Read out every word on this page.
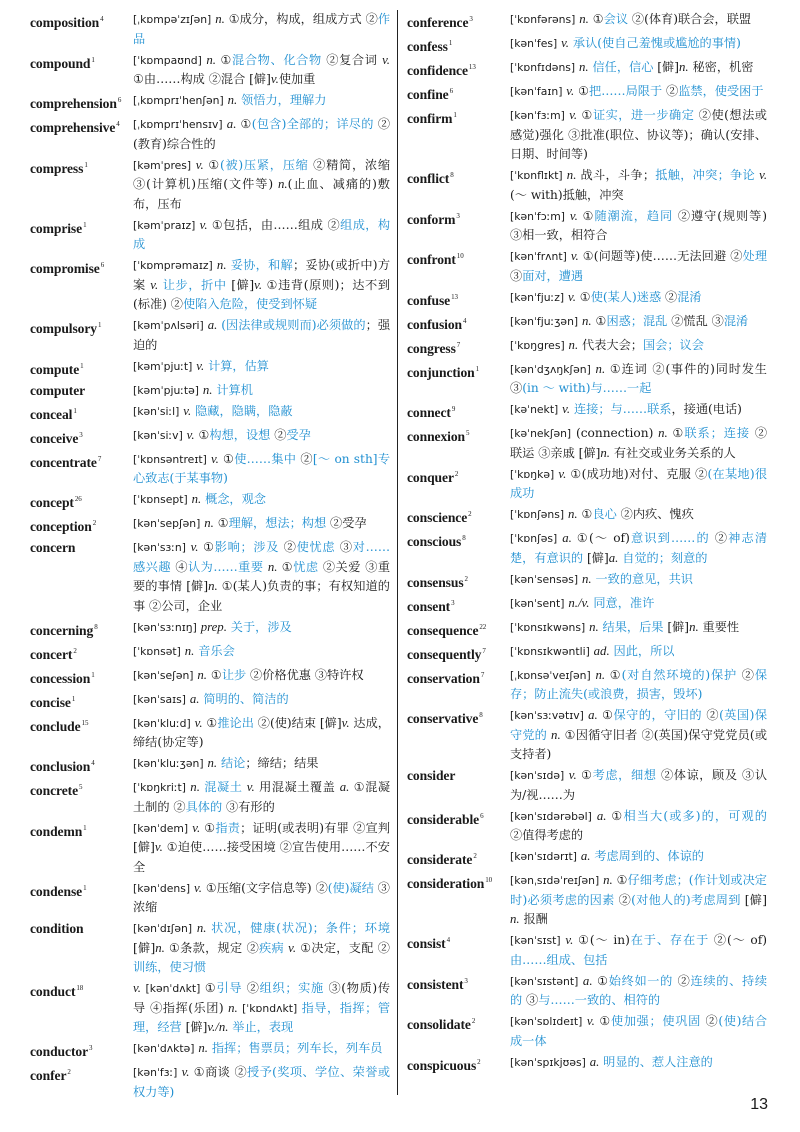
composition$^4$	[ˌkɒmpəˈzɪʃən] n. ①成分，构成，组成方式 ②作品
compound$^1$	[ˈkɒmpaʊnd] n. ①混合物、化合物 ②复合词 v. ①由……构成 ②混合 [僻]v.使加重
comprehension$^6$	[ˌkɒmprɪˈhenʃən] n. 领悟力，理解力
comprehensive$^4$	[ˌkɒmprɪˈhensɪv] a. ①(包含)全部的；详尽的 ②(教育)综合性的
compress$^1$	[kəmˈpres] v. ①(被)压紧，压缩 ②精简，浓缩 ③(计算机)压缩(文件等) n.(止血、减痛的)敷布，压布
comprise$^1$	[kəmˈpraɪz] v. ①包括，由……组成 ②组成，构成
compromise$^6$	[ˈkɒmprəmaɪz] n. 妥协，和解；妥协(或折中)方案 v. 让步，折中 [僻]v. ①违背(原则)；达不到(标准) ②使陷入危险，使受到怀疑
compulsory$^1$	[kəmˈpʌlsəri] a. (因法律或规则而)必须做的；强迫的
compute$^1$	[kəmˈpjuːt] v. 计算，估算
computer	[kəmˈpjuːtə] n. 计算机
conceal$^1$	[kənˈsiːl] v. 隐藏，隐瞒，隐蔽
conceive$^3$	[kənˈsiːv] v. ①构想，设想 ②受孕
concentrate$^7$	[ˈkɒnsəntreɪt] v. ①使……集中 ②[～ on sth]专心致志(于某事物)
concept$^{26}$	[ˈkɒnsept] n. 概念，观念
conception$^2$	[kənˈsepʃən] n. ①理解，想法；构想 ②受孕
concern	[kənˈsɜːn] v. ①影响；涉及 ②使忧虑 ③对……感兴趣 ④认为……重要 n. ①忧虑 ②关爱 ③重要的事情 [僻]n. ①(某人)负责的事；有权知道的事 ②公司，企业
concerning$^8$	[kənˈsɜːnɪŋ] prep. 关于，涉及
concert$^2$	[ˈkɒnsət] n. 音乐会
concession$^1$	[kənˈseʃən] n. ①让步 ②价格优惠 ③特许权
concise$^1$	[kənˈsaɪs] a. 简明的、简洁的
conclude$^{15}$	[kənˈkluːd] v. ①推论出 ②(使)结束 [僻]v. 达成，缔结(协定等)
conclusion$^4$	[kənˈkluːʒən] n. 结论；缔结；结果
concrete$^5$	[ˈkɒŋkriːt] n. 混凝土 v. 用混凝土覆盖 a. ①混凝土制的 ②具体的 ③有形的
condemn$^1$	[kənˈdem] v. ①指责；证明(或表明)有罪 ②宣判 [僻]v. ①迫使……接受困境 ②宣告使用……不安全
condense$^1$	[kənˈdens] v. ①压缩(文字信息等) ②(使)凝结 ③浓缩
condition	[kənˈdɪʃən] n. 状况，健康(状况)；条件；环境 [僻]n. ①条款，规定 ②疾病 v. ①决定，支配 ②训练，使习惯
conduct$^{18}$	v. [kənˈdʌkt] ①引导 ②组织；实施 ③(物质)传导 ④指挥(乐团) n. [ˈkɒndʌkt] 指导，指挥；管理，经营 [僻]v./n. 举止，表现
conductor$^3$	[kənˈdʌktə] n. 指挥；售票员；列车长，列车员
confer$^2$	[kənˈfɜː] v. ①商谈 ②授予(奖项、学位、荣誉或权力等)
conference$^3$	[ˈkɒnfərəns] n. ①会议 ②(体育)联合会，联盟
confess$^1$	[kənˈfes] v. 承认(使自己羞愧或尴尬的事情)
confidence$^{13}$	[ˈkɒnfɪdəns] n. 信任，信心 [僻]n. 秘密，机密
confine$^6$	[kənˈfaɪn] v. ①把……局限于 ②监禁，使受困于
confirm$^1$	[kənˈfɜːm] v. ①证实，进一步确定 ②使(想法或感觉)强化 ③批准(职位、协议等)；确认(安排、日期、时间等)
conflict$^8$	[ˈkɒnflɪkt] n. 战斗，斗争；抵触，冲突；争论 v.(～ with)抵触，冲突
conform$^3$	[kənˈfɔːm] v. ①随潮流，趋同 ②遵守(规则等) ③相一致，相符合
confront$^{10}$	[kənˈfrʌnt] v. ①(问题等)使……无法回避 ②处理 ③面对，遭遇
confuse$^{13}$	[kənˈfjuːz] v. ①使(某人)迷惑 ②混淆
confusion$^4$	[kənˈfjuːʒən] n. ①困惑；混乱 ②慌乱 ③混淆
congress$^7$	[ˈkɒŋgres] n. 代表大会；国会；议会
conjunction$^1$	[kənˈdʒʌŋkʃən] n. ①连词 ②(事件的)同时发生 ③(in ～ with)与……一起
connect$^9$	[kəˈnekt] v. 连接；与……联系，接通(电话)
connexion$^5$	[kəˈnekʃən] (connection) n. ①联系；连接 ②联运 ③亲戚 [僻]n. 有社交或业务关系的人
conquer$^2$	[ˈkɒŋkə] v. ①(成功地)对付、克服 ②(在某地)很成功
conscience$^2$	[ˈkɒnʃəns] n. ①良心 ②内疚、愧疚
conscious$^8$	[ˈkɒnʃəs] a. ①(～ of)意识到……的 ②神志清楚，有意识的 [僻]a. 自觉的；刻意的
consensus$^2$	[kənˈsensəs] n. 一致的意见，共识
consent$^3$	[kənˈsent] n./v. 同意，准许
consequence$^{22}$	[ˈkɒnsɪkwəns] n. 结果，后果 [僻]n. 重要性
consequently$^7$	[ˈkɒnsɪkwəntli] ad. 因此，所以
conservation$^7$	[ˌkɒnsəˈveɪʃən] n. ①(对自然环境的)保护 ②保存；防止流失(或浪费，损害，毁坏)
conservative$^8$	[kənˈsɜːvətɪv] a. ①保守的，守旧的 ②(英国)保守党的 n. ①因循守旧者 ②(英国)保守党党员(或支持者)
consider	[kənˈsɪdə] v. ①考虑，细想 ②体谅，顾及 ③认为/视……为
considerable$^6$	[kənˈsɪdərəbəl] a. ①相当大(或多)的，可观的 ②值得考虑的
considerate$^2$	[kənˈsɪdərɪt] a. 考虑周到的、体谅的
consideration$^{10}$	[kənˌsɪdəˈreɪʃən] n. ①仔细考虑；(作计划或决定时)必须考虑的因素 ②(对他人的)考虑周到 [僻]n. 报酬
consist$^4$	[kənˈsɪst] v. ①(～ in)在于、存在于 ②(～ of)由……组成、包括
consistent$^3$	[kənˈsɪstənt] a. ①始终如一的 ②连续的、持续的 ③与……一致的、相符的
consolidate$^2$	[kənˈsɒlɪdeɪt] v. ①使加强；使巩固 ②(使)结合成一体
conspicuous$^2$	[kənˈspɪkjʊəs] a. 明显的、惹人注意的
13
